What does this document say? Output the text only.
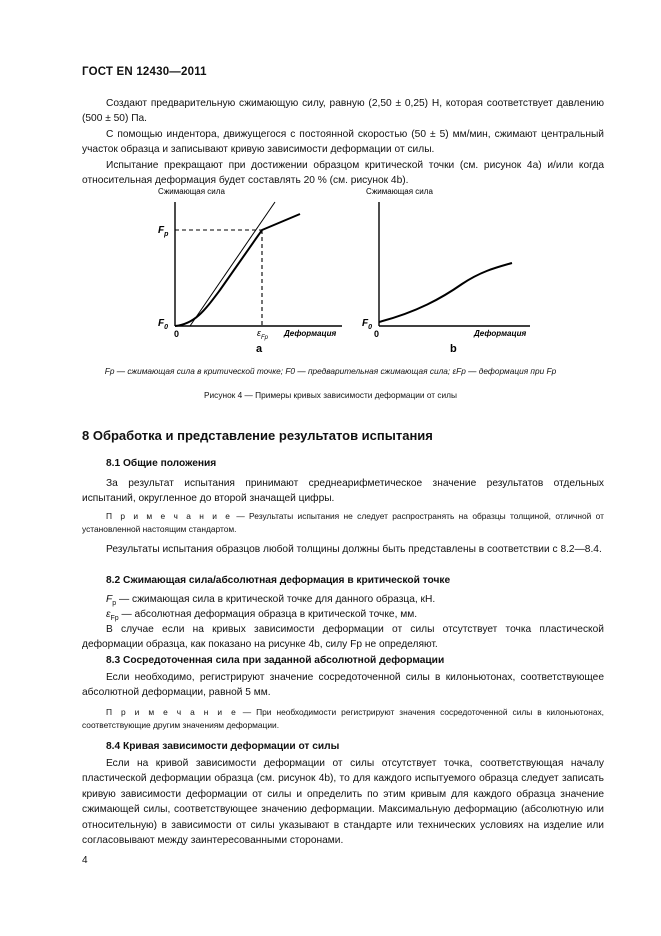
ГОСТ EN 12430—2011
Создают предварительную сжимающую силу, равную (2,50 ± 0,25) Н, которая соответствует давлению (500 ± 50) Па.
С помощью индентора, движущегося с постоянной скоростью (50 ± 5) мм/мин, сжимают центральный участок образца и записывают кривую зависимости деформации от силы.
Испытание прекращают при достижении образцом критической точки (см. рисунок 4a) и/или когда относительная деформация будет составлять 20 % (см. рисунок 4b).
Сжимающая сила
$F_p$
$F_0$
0	$\varepsilon_{Fp}$ Деформация
a
Сжимающая сила
$F_0$
0	Деформация
b
Fp — сжимающая сила в критической точке; F0 — предварительная сжимающая сила; εFp — деформация при Fp
Рисунок 4 — Примеры кривых зависимости деформации от силы
8 Обработка и представление результатов испытания
8.1 Общие положения
За результат испытания принимают среднеарифметическое значение результатов отдельных испытаний, округленное до второй значащей цифры.
П р и м е ч а н и е — Результаты испытания не следует распространять на образцы толщиной, отличной от установленной настоящим стандартом.
Результаты испытания образцов любой толщины должны быть представлены в соответствии с 8.2—8.4.
8.2 Сжимающая сила/абсолютная деформация в критической точке
$F_p$ — сжимающая сила в критической точке для данного образца, кН.
$\varepsilon_{Fp}$ — абсолютная деформация образца в критической точке, мм.
В случае если на кривых зависимости деформации от силы отсутствует точка пластической деформации образца, как показано на рисунке 4b, силу Fp не определяют.
8.3 Сосредоточенная сила при заданной абсолютной деформации
Если необходимо, регистрируют значение сосредоточенной силы в килоньютонах, соответствующее абсолютной деформации, равной 5 мм.
П р и м е ч а н и е — При необходимости регистрируют значения сосредоточенной силы в килоньютонах, соответствующие другим значениям деформации.
8.4 Кривая зависимости деформации от силы
Если на кривой зависимости деформации от силы отсутствует точка, соответствующая началу пластической деформации образца (см. рисунок 4b), то для каждого испытуемого образца следует записать кривую зависимости деформации от силы и определить по этим кривым для каждого образца значение сжимающей силы, соответствующее значению деформации. Максимальную деформацию (абсолютную или относительную) в зависимости от силы указывают в стандарте или технических условиях на изделие или согласовывают между заинтересованными сторонами.
4
